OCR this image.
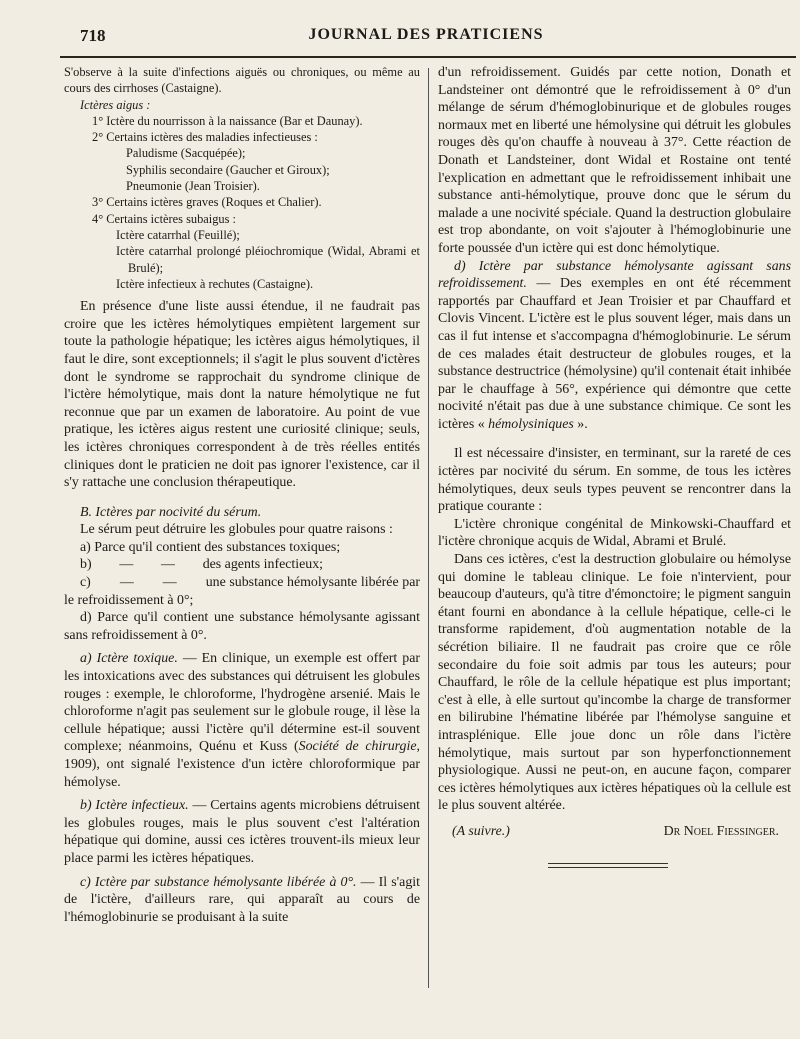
718	JOURNAL DES PRATICIENS

S'observe à la suite d'infections aiguës ou chroniques, ou même au cours des cirrhoses (Castaigne).

Ictères aigus :

1° Ictère du nourrisson à la naissance (Bar et Daunay).

2° Certains ictères des maladies infectieuses :

Paludisme (Sacquépée);

Syphilis secondaire (Gaucher et Giroux);

Pneumonie (Jean Troisier).

3° Certains ictères graves (Roques et Chalier).

4° Certains ictères subaigus :

Ictère catarrhal (Feuillé);

Ictère catarrhal prolongé pléiochromique (Widal, Abrami et Brulé);

Ictère infectieux à rechutes (Castaigne).

En présence d'une liste aussi étendue, il ne faudrait pas croire que les ictères hémolytiques empiètent largement sur toute la pathologie hépatique; les ictères aigus hémolytiques, il faut le dire, sont exceptionnels; il s'agit le plus souvent d'ictères dont le syndrome se rapprochait du syndrome clinique de l'ictère hémolytique, mais dont la nature hémolytique ne fut reconnue que par un examen de laboratoire. Au point de vue pratique, les ictères aigus restent une curiosité clinique; seuls, les ictères chroniques correspondent à de très réelles entités cliniques dont le praticien ne doit pas ignorer l'existence, car il s'y rattache une conclusion thérapeutique.

B. Ictères par nocivité du sérum.

Le sérum peut détruire les globules pour quatre raisons :

a) Parce qu'il contient des substances toxiques;

b)        —        —        des agents infectieux;

c)        —        —        une substance hémolysante libérée par le refroidissement à 0°;

d) Parce qu'il contient une substance hémolysante agissant sans refroidissement à 0°.

a) Ictère toxique. — En clinique, un exemple est offert par les intoxications avec des substances qui détruisent les globules rouges : exemple, le chloroforme, l'hydrogène arsenié. Mais le chloroforme n'agit pas seulement sur le globule rouge, il lèse la cellule hépatique; aussi l'ictère qu'il détermine est-il souvent complexe; néanmoins, Quénu et Kuss (Société de chirurgie, 1909), ont signalé l'existence d'un ictère chloroformique par hémolyse.

b) Ictère infectieux. — Certains agents microbiens détruisent les globules rouges, mais le plus souvent c'est l'altération hépatique qui domine, aussi ces ictères trouvent-ils mieux leur place parmi les ictères hépatiques.

c) Ictère par substance hémolysante libérée à 0°. — Il s'agit de l'ictère, d'ailleurs rare, qui apparaît au cours de l'hémoglobinurie se produisant à la suite

d'un refroidissement. Guidés par cette notion, Donath et Landsteiner ont démontré que le refroidissement à 0° d'un mélange de sérum d'hémoglobinurique et de globules rouges normaux met en liberté une hémolysine qui détruit les globules rouges dès qu'on chauffe à nouveau à 37°. Cette réaction de Donath et Landsteiner, dont Widal et Rostaine ont tenté l'explication en admettant que le refroidissement inhibait une substance anti-hémolytique, prouve donc que le sérum du malade a une nocivité spéciale. Quand la destruction globulaire est trop abondante, on voit s'ajouter à l'hémoglobinurie une forte poussée d'un ictère qui est donc hémolytique.

d) Ictère par substance hémolysante agissant sans refroidissement. — Des exemples en ont été récemment rapportés par Chauffard et Jean Troisier et par Chauffard et Clovis Vincent. L'ictère est le plus souvent léger, mais dans un cas il fut intense et s'accompagna d'hémoglobinurie. Le sérum de ces malades était destructeur de globules rouges, et la substance destructrice (hémolysine) qu'il contenait était inhibée par le chauffage à 56°, expérience qui démontre que cette nocivité n'était pas due à une substance chimique. Ce sont les ictères « hémolysiniques ».

Il est nécessaire d'insister, en terminant, sur la rareté de ces ictères par nocivité du sérum. En somme, de tous les ictères hémolytiques, deux seuls types peuvent se rencontrer dans la pratique courante :

L'ictère chronique congénital de Minkowski-Chauffard et l'ictère chronique acquis de Widal, Abrami et Brulé.

Dans ces ictères, c'est la destruction globulaire ou hémolyse qui domine le tableau clinique. Le foie n'intervient, pour beaucoup d'auteurs, qu'à titre d'émonctoire; le pigment sanguin étant fourni en abondance à la cellule hépatique, celle-ci le transforme rapidement, d'où augmentation notable de la sécrétion biliaire. Il ne faudrait pas croire que ce rôle secondaire du foie soit admis par tous les auteurs; pour Chauffard, le rôle de la cellule hépatique est plus important; c'est à elle, à elle surtout qu'incombe la charge de transformer en bilirubine l'hématine libérée par l'hémolyse sanguine et intrasplénique. Elle joue donc un rôle dans l'ictère hémolytique, mais surtout par son hyperfonctionnement physiologique. Aussi ne peut-on, en aucune façon, comparer ces ictères hémolytiques aux ictères hépatiques où la cellule est le plus souvent altérée.

(A suivre.)	Dr Noel Fiessinger.
